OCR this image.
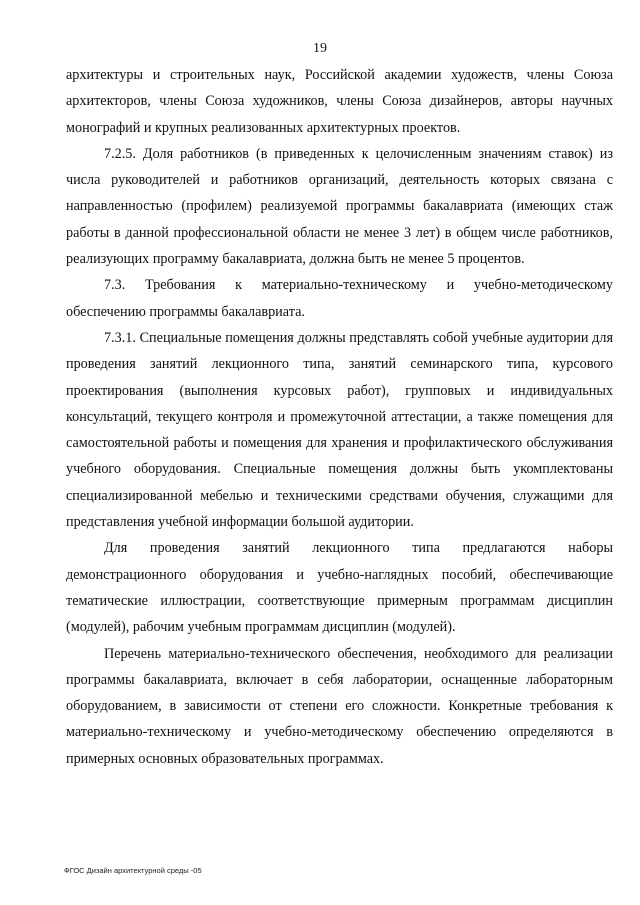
19

архитектуры и строительных наук, Российской академии художеств, члены Союза архитекторов, члены Союза художников, члены Союза дизайнеров, авторы научных монографий и крупных реализованных архитектурных проектов.

7.2.5. Доля работников (в приведенных к целочисленным значениям ставок) из числа руководителей и работников организаций, деятельность которых связана с направленностью (профилем) реализуемой программы бакалавриата (имеющих стаж работы в данной профессиональной области не менее 3 лет) в общем числе работников, реализующих программу бакалавриата, должна быть не менее 5 процентов.

7.3. Требования к материально-техническому и учебно-методическому обеспечению программы бакалавриата.

7.3.1. Специальные помещения должны представлять собой учебные аудитории для проведения занятий лекционного типа, занятий семинарского типа, курсового проектирования (выполнения курсовых работ), групповых и индивидуальных консультаций, текущего контроля и промежуточной аттестации, а также помещения для самостоятельной работы и помещения для хранения и профилактического обслуживания учебного оборудования. Специальные помещения должны быть укомплектованы специализированной мебелью и техническими средствами обучения, служащими для представления учебной информации большой аудитории.

Для проведения занятий лекционного типа предлагаются наборы демонстрационного оборудования и учебно-наглядных пособий, обеспечивающие тематические иллюстрации, соответствующие примерным программам дисциплин (модулей), рабочим учебным программам дисциплин (модулей).

Перечень материально-технического обеспечения, необходимого для реализации программы бакалавриата, включает в себя лаборатории, оснащенные лабораторным оборудованием, в зависимости от степени его сложности. Конкретные требования к материально-техническому и учебно-методическому обеспечению определяются в примерных основных образовательных программах.

ФГОС Дизайн архитектурной среды -05
